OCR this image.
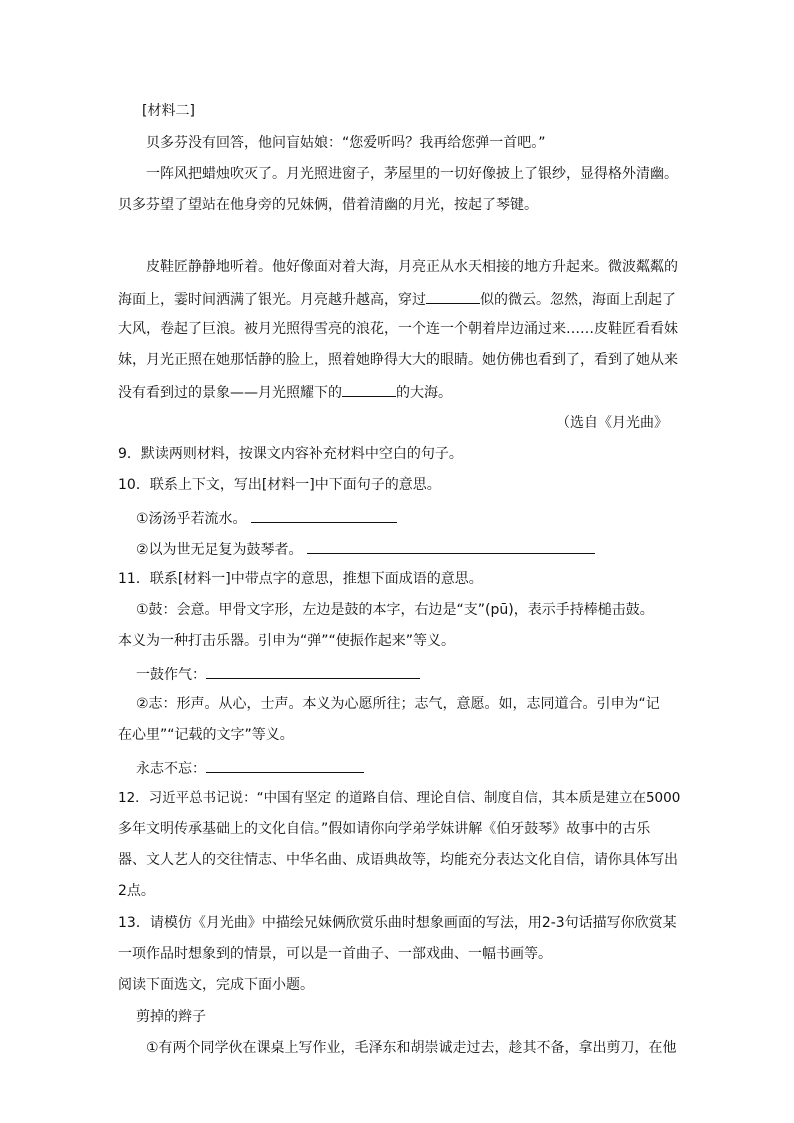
[材料二]
贝多芬没有回答，他问盲姑娘：“您爱听吗？我再给您弹一首吧。”
一阵风把蜡烛吹灭了。月光照进窗子，茅屋里的一切好像披上了银纱，显得格外清幽。
贝多芬望了望站在他身旁的兄妹俩，借着清幽的月光，按起了琴键。
皮鞋匠静静地听着。他好像面对着大海，月亮正从水天相接的地方升起来。微波粼粼的
海面上，霎时间洒满了银光。月亮越升越高，穿过	似的微云。忽然，海面上刮起了
大风，卷起了巨浪。被月光照得雪亮的浪花，一个连一个朝着岸边涌过来……皮鞋匠看看妹
妹，月光正照在她那恬静的脸上，照着她睁得大大的眼睛。她仿佛也看到了，看到了她从来
没有看到过的景象——月光照耀下的	的大海。
（选自《月光曲》
9．默读两则材料，按课文内容补充材料中空白的句子。
10．联系上下文，写出[材料一]中下面句子的意思。
①汤汤乎若流水。
②以为世无足复为鼓琴者。
11．联系[材料一]中带点字的意思，推想下面成语的意思。
①鼓：会意。甲骨文字形，左边是鼓的本字，右边是“支”(pū)，表示手持棒槌击鼓。
本义为一种打击乐器。引申为“弹”“使振作起来”等义。
一鼓作气：
②志：形声。从心，士声。本义为心愿所往；志气，意愿。如，志同道合。引申为“记
在心里”“记载的文字”等义。
永志不忘：
12．习近平总书记说：“中国有坚定 的道路自信、理论自信、制度自信，其本质是建立在5000
多年文明传承基础上的文化自信。”假如请你向学弟学妹讲解《伯牙鼓琴》故事中的古乐
器、文人艺人的交往情志、中华名曲、成语典故等，均能充分表达文化自信，请你具体写出
2点。
13．请模仿《月光曲》中描绘兄妹俩欣赏乐曲时想象画面的写法，用2-3句话描写你欣赏某
一项作品时想象到的情景，可以是一首曲子、一部戏曲、一幅书画等。
阅读下面选文，完成下面小题。
剪掉的辫子
①有两个同学伙在课桌上写作业，毛泽东和胡崇诚走过去，趁其不备，拿出剪刀，在他
